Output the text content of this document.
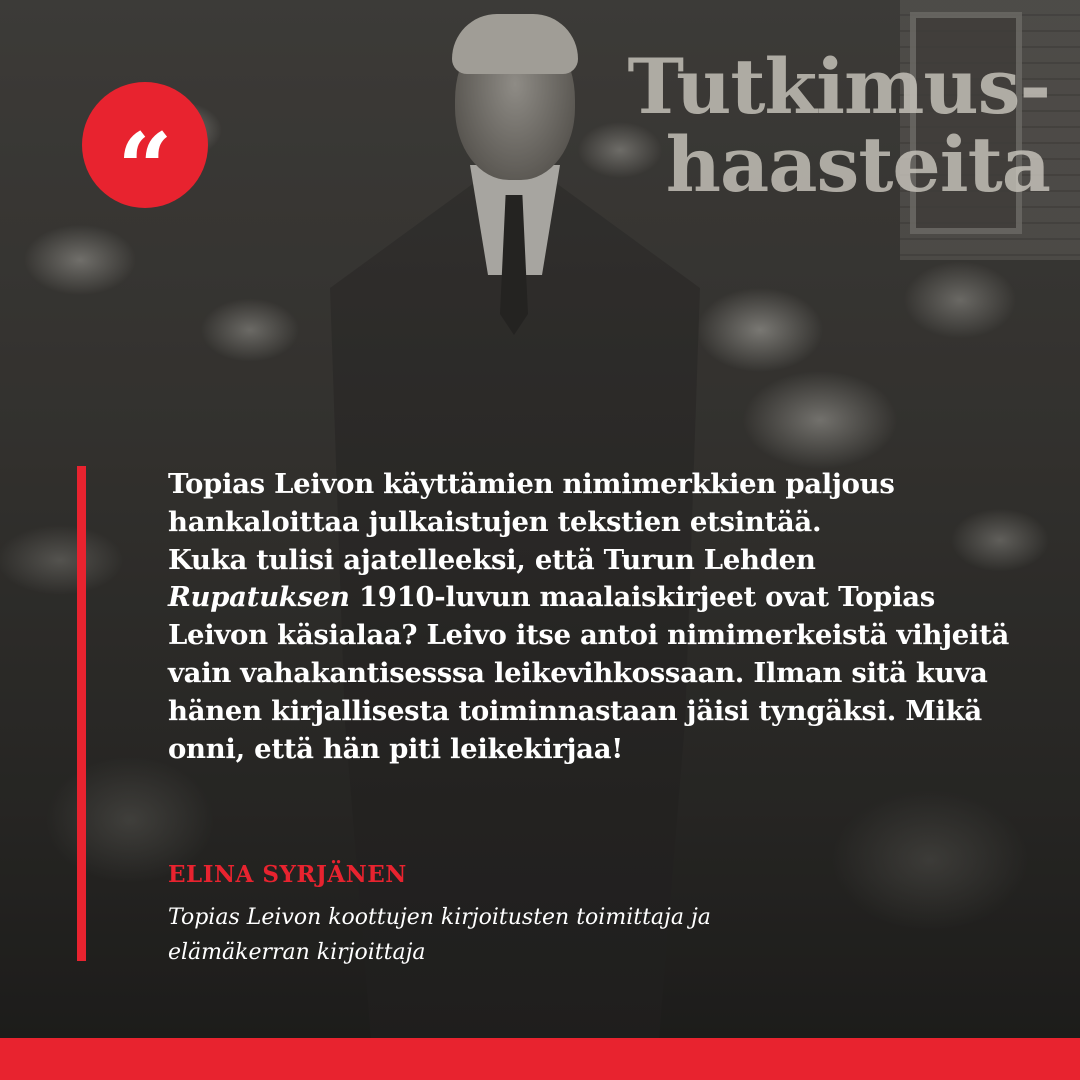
“
Tutkimus-
haasteita
Topias Leivon käyttämien nimimerkkien paljous
hankaloittaa julkaistujen tekstien etsintää.
Kuka tulisi ajatelleeksi, että Turun Lehden
Rupatuksen 1910-luvun maalaiskirjeet ovat Topias
Leivon käsialaa? Leivo itse antoi nimimerkeistä vihjeitä
vain vahakantisesssa leikevihkossaan. Ilman sitä kuva
hänen kirjallisesta toiminnastaan jäisi tyngäksi. Mikä
onni, että hän piti leikekirjaa!
ELINA SYRJÄNEN
Topias Leivon koottujen kirjoitusten toimittaja ja
elämäkerran kirjoittaja
